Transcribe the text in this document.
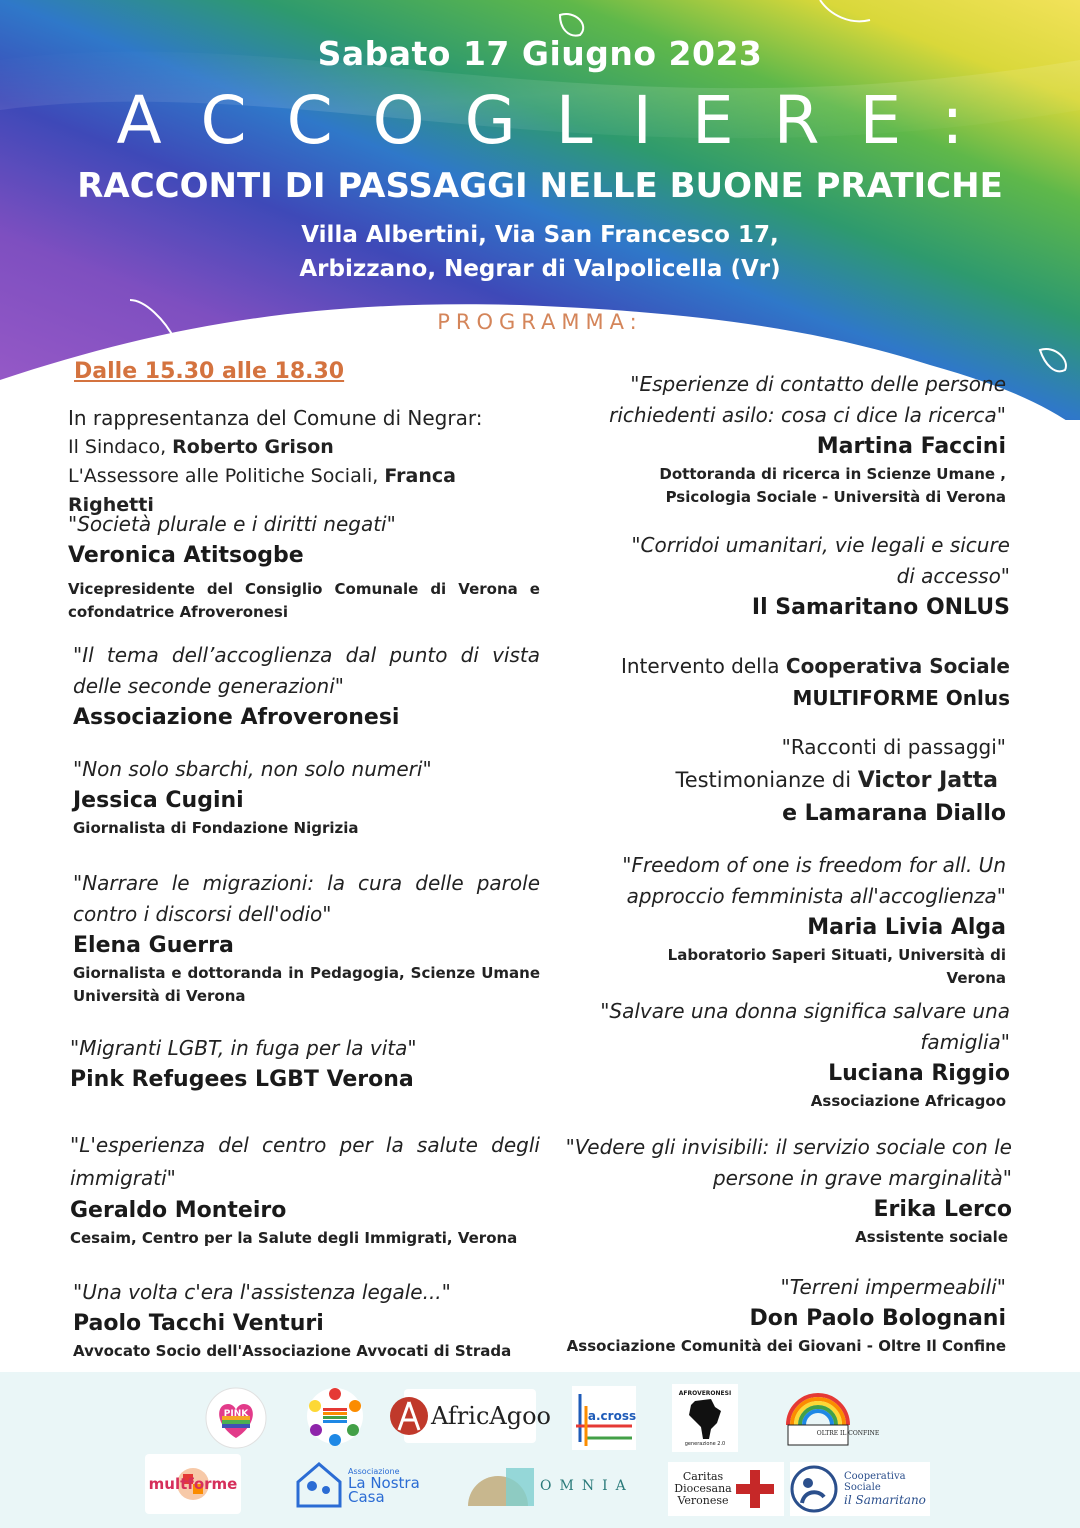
Sabato 17 Giugno 2023
ACCOGLIERE:
RACCONTI DI PASSAGGI NELLE BUONE PRATICHE
Villa Albertini, Via San Francesco 17,
Arbizzano, Negrar di Valpolicella (Vr)
PROGRAMMA:
Dalle 15.30 alle 18.30
In rappresentanza del Comune di Negrar:
Il Sindaco, Roberto Grison
L'Assessore alle Politiche Sociali, Franca Righetti
"Società plurale e i diritti negati"
Veronica Atitsogbe
Vicepresidente del Consiglio Comunale di Verona e cofondatrice Afroveronesi
"Il tema dell’accoglienza dal punto di vista delle seconde generazioni"
Associazione Afroveronesi
"Non solo sbarchi, non solo numeri"
Jessica Cugini
Giornalista di Fondazione Nigrizia
"Narrare le migrazioni: la cura delle parole contro i discorsi dell'odio"
Elena Guerra
Giornalista e dottoranda in Pedagogia, Scienze Umane Università di Verona
"Migranti LGBT, in fuga per la vita"
Pink Refugees LGBT Verona
"L'esperienza del centro per la salute degli immigrati"
Geraldo Monteiro
Cesaim, Centro per la Salute degli Immigrati, Verona
"Una volta c'era l'assistenza legale..."
Paolo Tacchi Venturi
Avvocato Socio dell'Associazione Avvocati di Strada
"Esperienze di contatto delle persone richiedenti asilo: cosa ci dice la ricerca"
Martina Faccini
Dottoranda di ricerca in Scienze Umane , Psicologia Sociale - Università di Verona
"Corridoi umanitari, vie legali e sicure di accesso"
Il Samaritano ONLUS
Intervento della Cooperativa Sociale
MULTIFORME Onlus
"Racconti di passaggi"
Testimonianze di Victor Jatta
e Lamarana Diallo
"Freedom of one is freedom for all. Un approccio femminista all'accoglienza"
Maria Livia Alga
Laboratorio Saperi Situati, Università di Verona
"Salvare una donna significa salvare una famiglia"
Luciana Riggio
Associazione Africagoo
"Vedere gli invisibili: il servizio sociale con le persone in grave marginalità"
Erika Lerco
Assistente sociale
"Terreni impermeabili"
Don Paolo Bolognani
Associazione Comunità dei Giovani - Oltre Il Confine
PINK	AfricAgoo	a.cross
AFROVERONESI
generazione 2.0
OLTRE IL CONFINE
multforme
Associazione
La Nostra Casa
OMNIA
Caritas Diocesana Veronese
Cooperativa Sociale
il Samaritano
